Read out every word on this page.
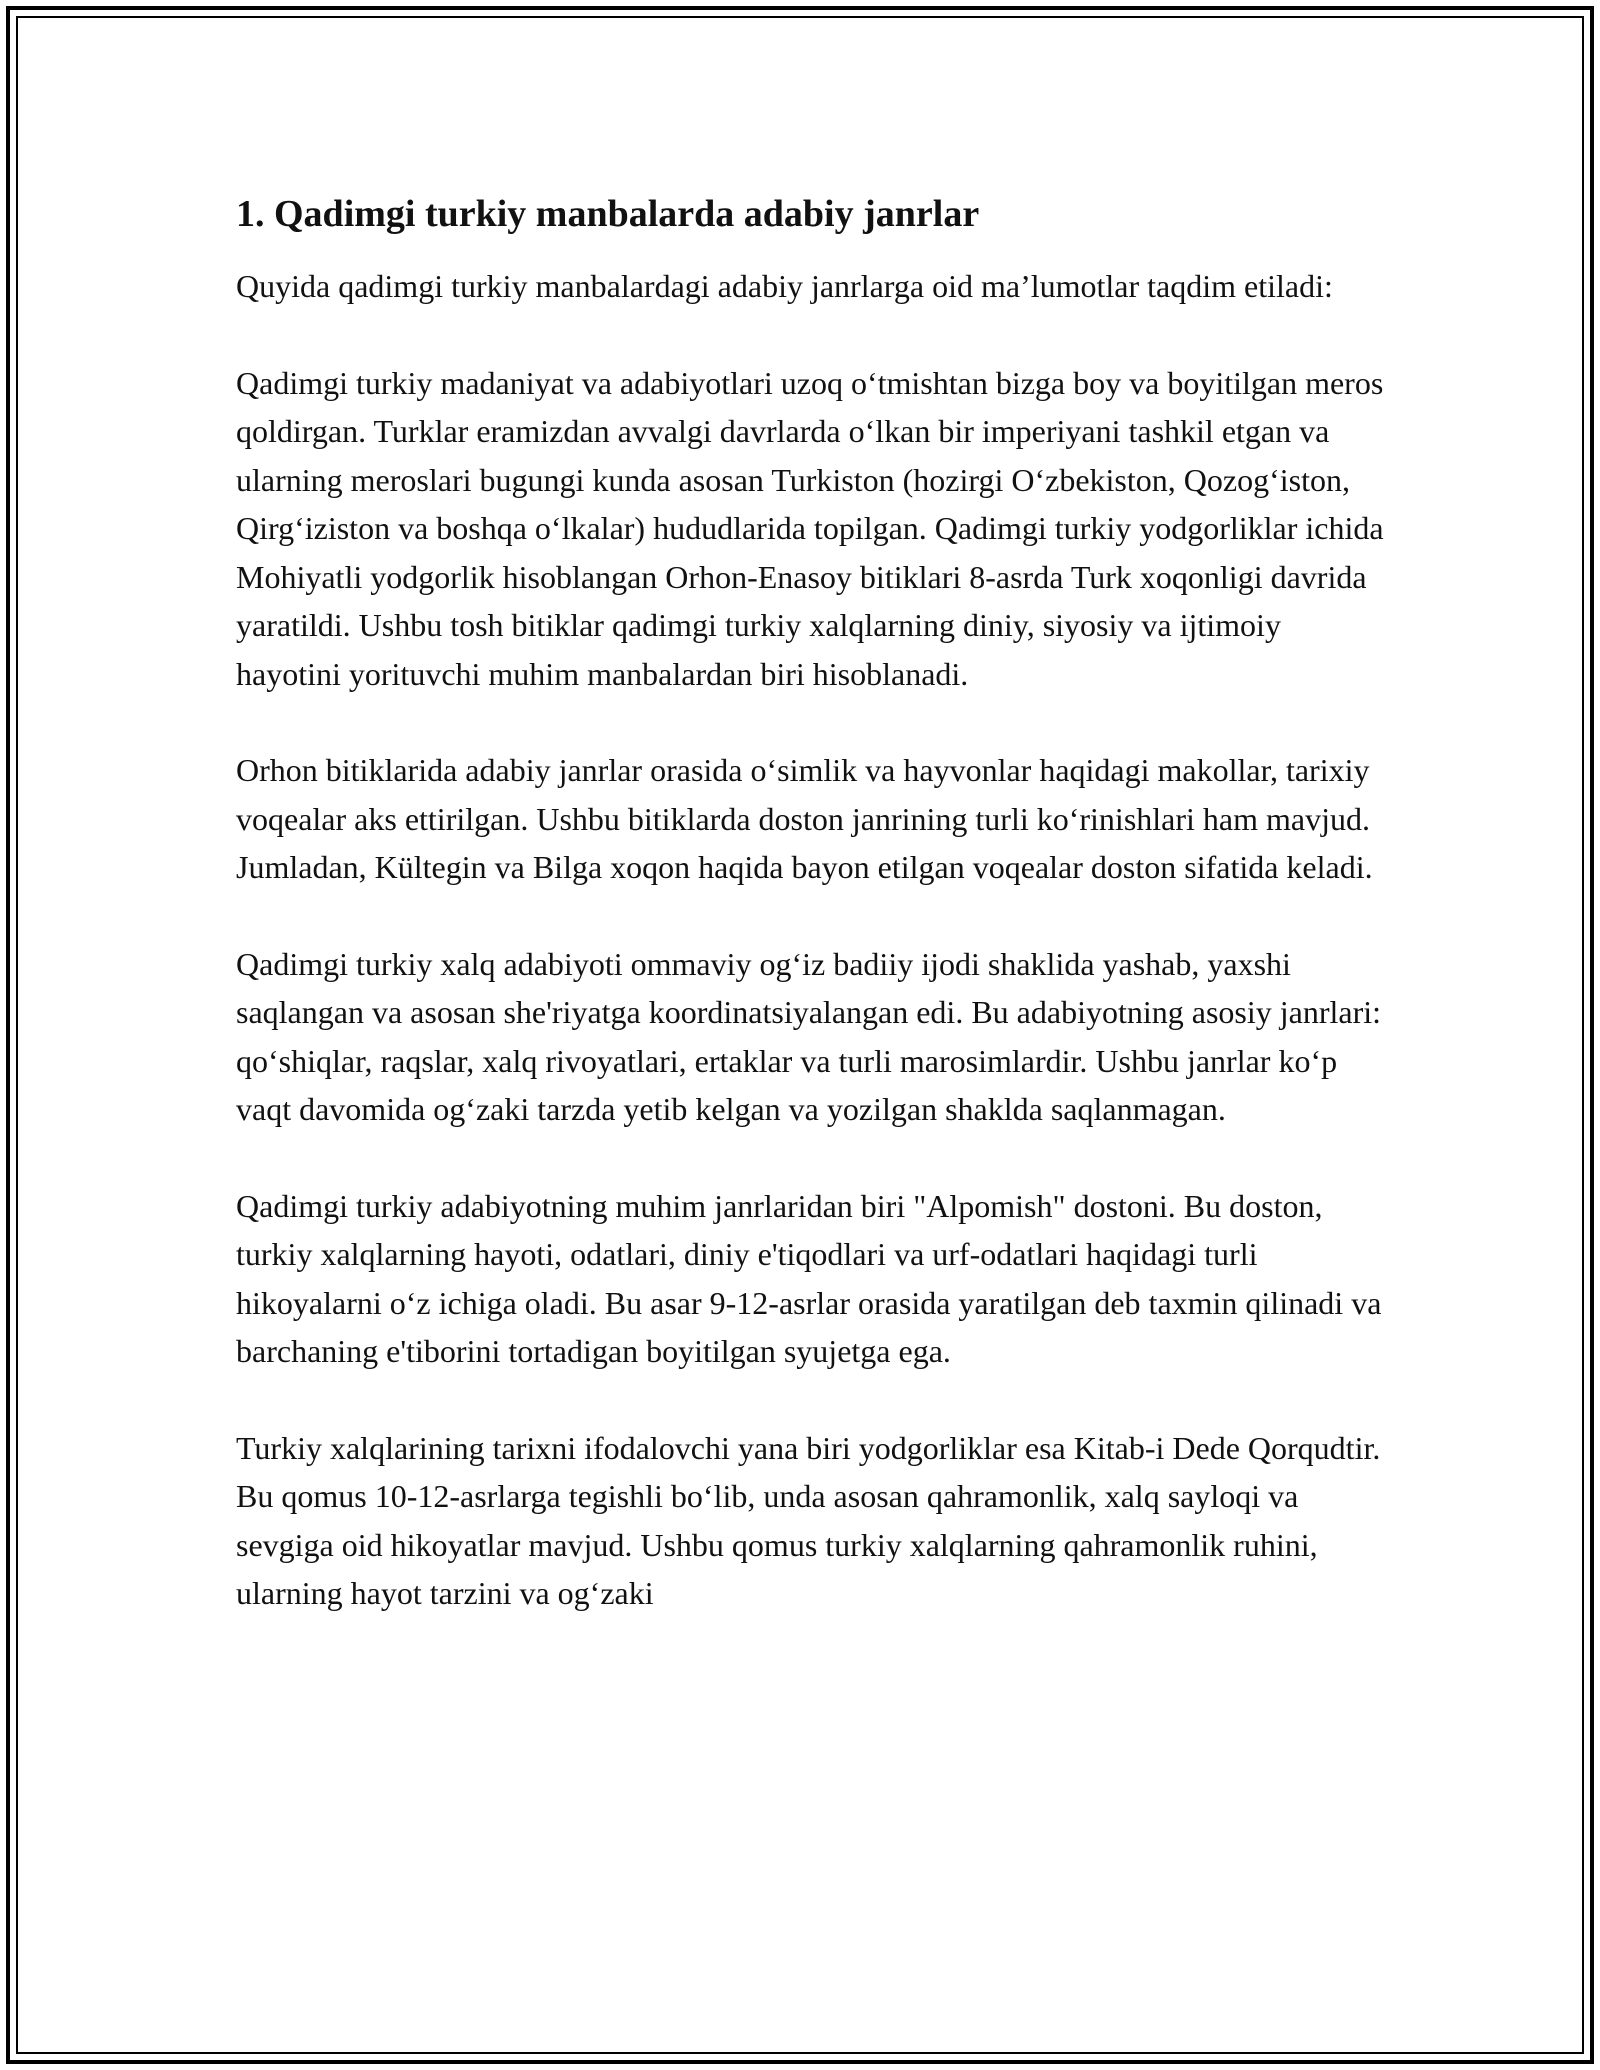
1. Qadimgi turkiy manbalarda adabiy janrlar

Quyida qadimgi turkiy manbalardagi adabiy janrlarga oid ma’lumotlar taqdim etiladi:

Qadimgi turkiy madaniyat va adabiyotlari uzoq o‘tmishtan bizga boy va boyitilgan meros qoldirgan. Turklar eramizdan avvalgi davrlarda o‘lkan bir imperiyani tashkil etgan va ularning meroslari bugungi kunda asosan Turkiston (hozirgi O‘zbekiston, Qozog‘iston, Qirg‘iziston va boshqa o‘lkalar) hududlarida topilgan. Qadimgi turkiy yodgorliklar ichida Mohiyatli yodgorlik hisoblangan Orhon-Enasoy bitiklari 8-asrda Turk xoqonligi davrida yaratildi. Ushbu tosh bitiklar qadimgi turkiy xalqlarning diniy, siyosiy va ijtimoiy hayotini yorituvchi muhim manbalardan biri hisoblanadi.

Orhon bitiklarida adabiy janrlar orasida o‘simlik va hayvonlar haqidagi makollar, tarixiy voqealar aks ettirilgan. Ushbu bitiklarda doston janrining turli ko‘rinishlari ham mavjud. Jumladan, Kültegin va Bilga xoqon haqida bayon etilgan voqealar doston sifatida keladi.

Qadimgi turkiy xalq adabiyoti ommaviy og‘iz badiiy ijodi shaklida yashab, yaxshi saqlangan va asosan she'riyatga koordinatsiyalangan edi. Bu adabiyotning asosiy janrlari: qo‘shiqlar, raqslar, xalq rivoyatlari, ertaklar va turli marosimlardir. Ushbu janrlar ko‘p vaqt davomida og‘zaki tarzda yetib kelgan va yozilgan shaklda saqlanmagan.

Qadimgi turkiy adabiyotning muhim janrlaridan biri "Alpomish" dostoni. Bu doston, turkiy xalqlarning hayoti, odatlari, diniy e'tiqodlari va urf-odatlari haqidagi turli hikoyalarni o‘z ichiga oladi. Bu asar 9-12-asrlar orasida yaratilgan deb taxmin qilinadi va barchaning e'tiborini tortadigan boyitilgan syujetga ega.

Turkiy xalqlarining tarixni ifodalovchi yana biri yodgorliklar esa Kitab-i Dede Qorqudtir. Bu qomus 10-12-asrlarga tegishli bo‘lib, unda asosan qahramonlik, xalq sayloqi va sevgiga oid hikoyatlar mavjud. Ushbu qomus turkiy xalqlarning qahramonlik ruhini, ularning hayot tarzini va og‘zaki
